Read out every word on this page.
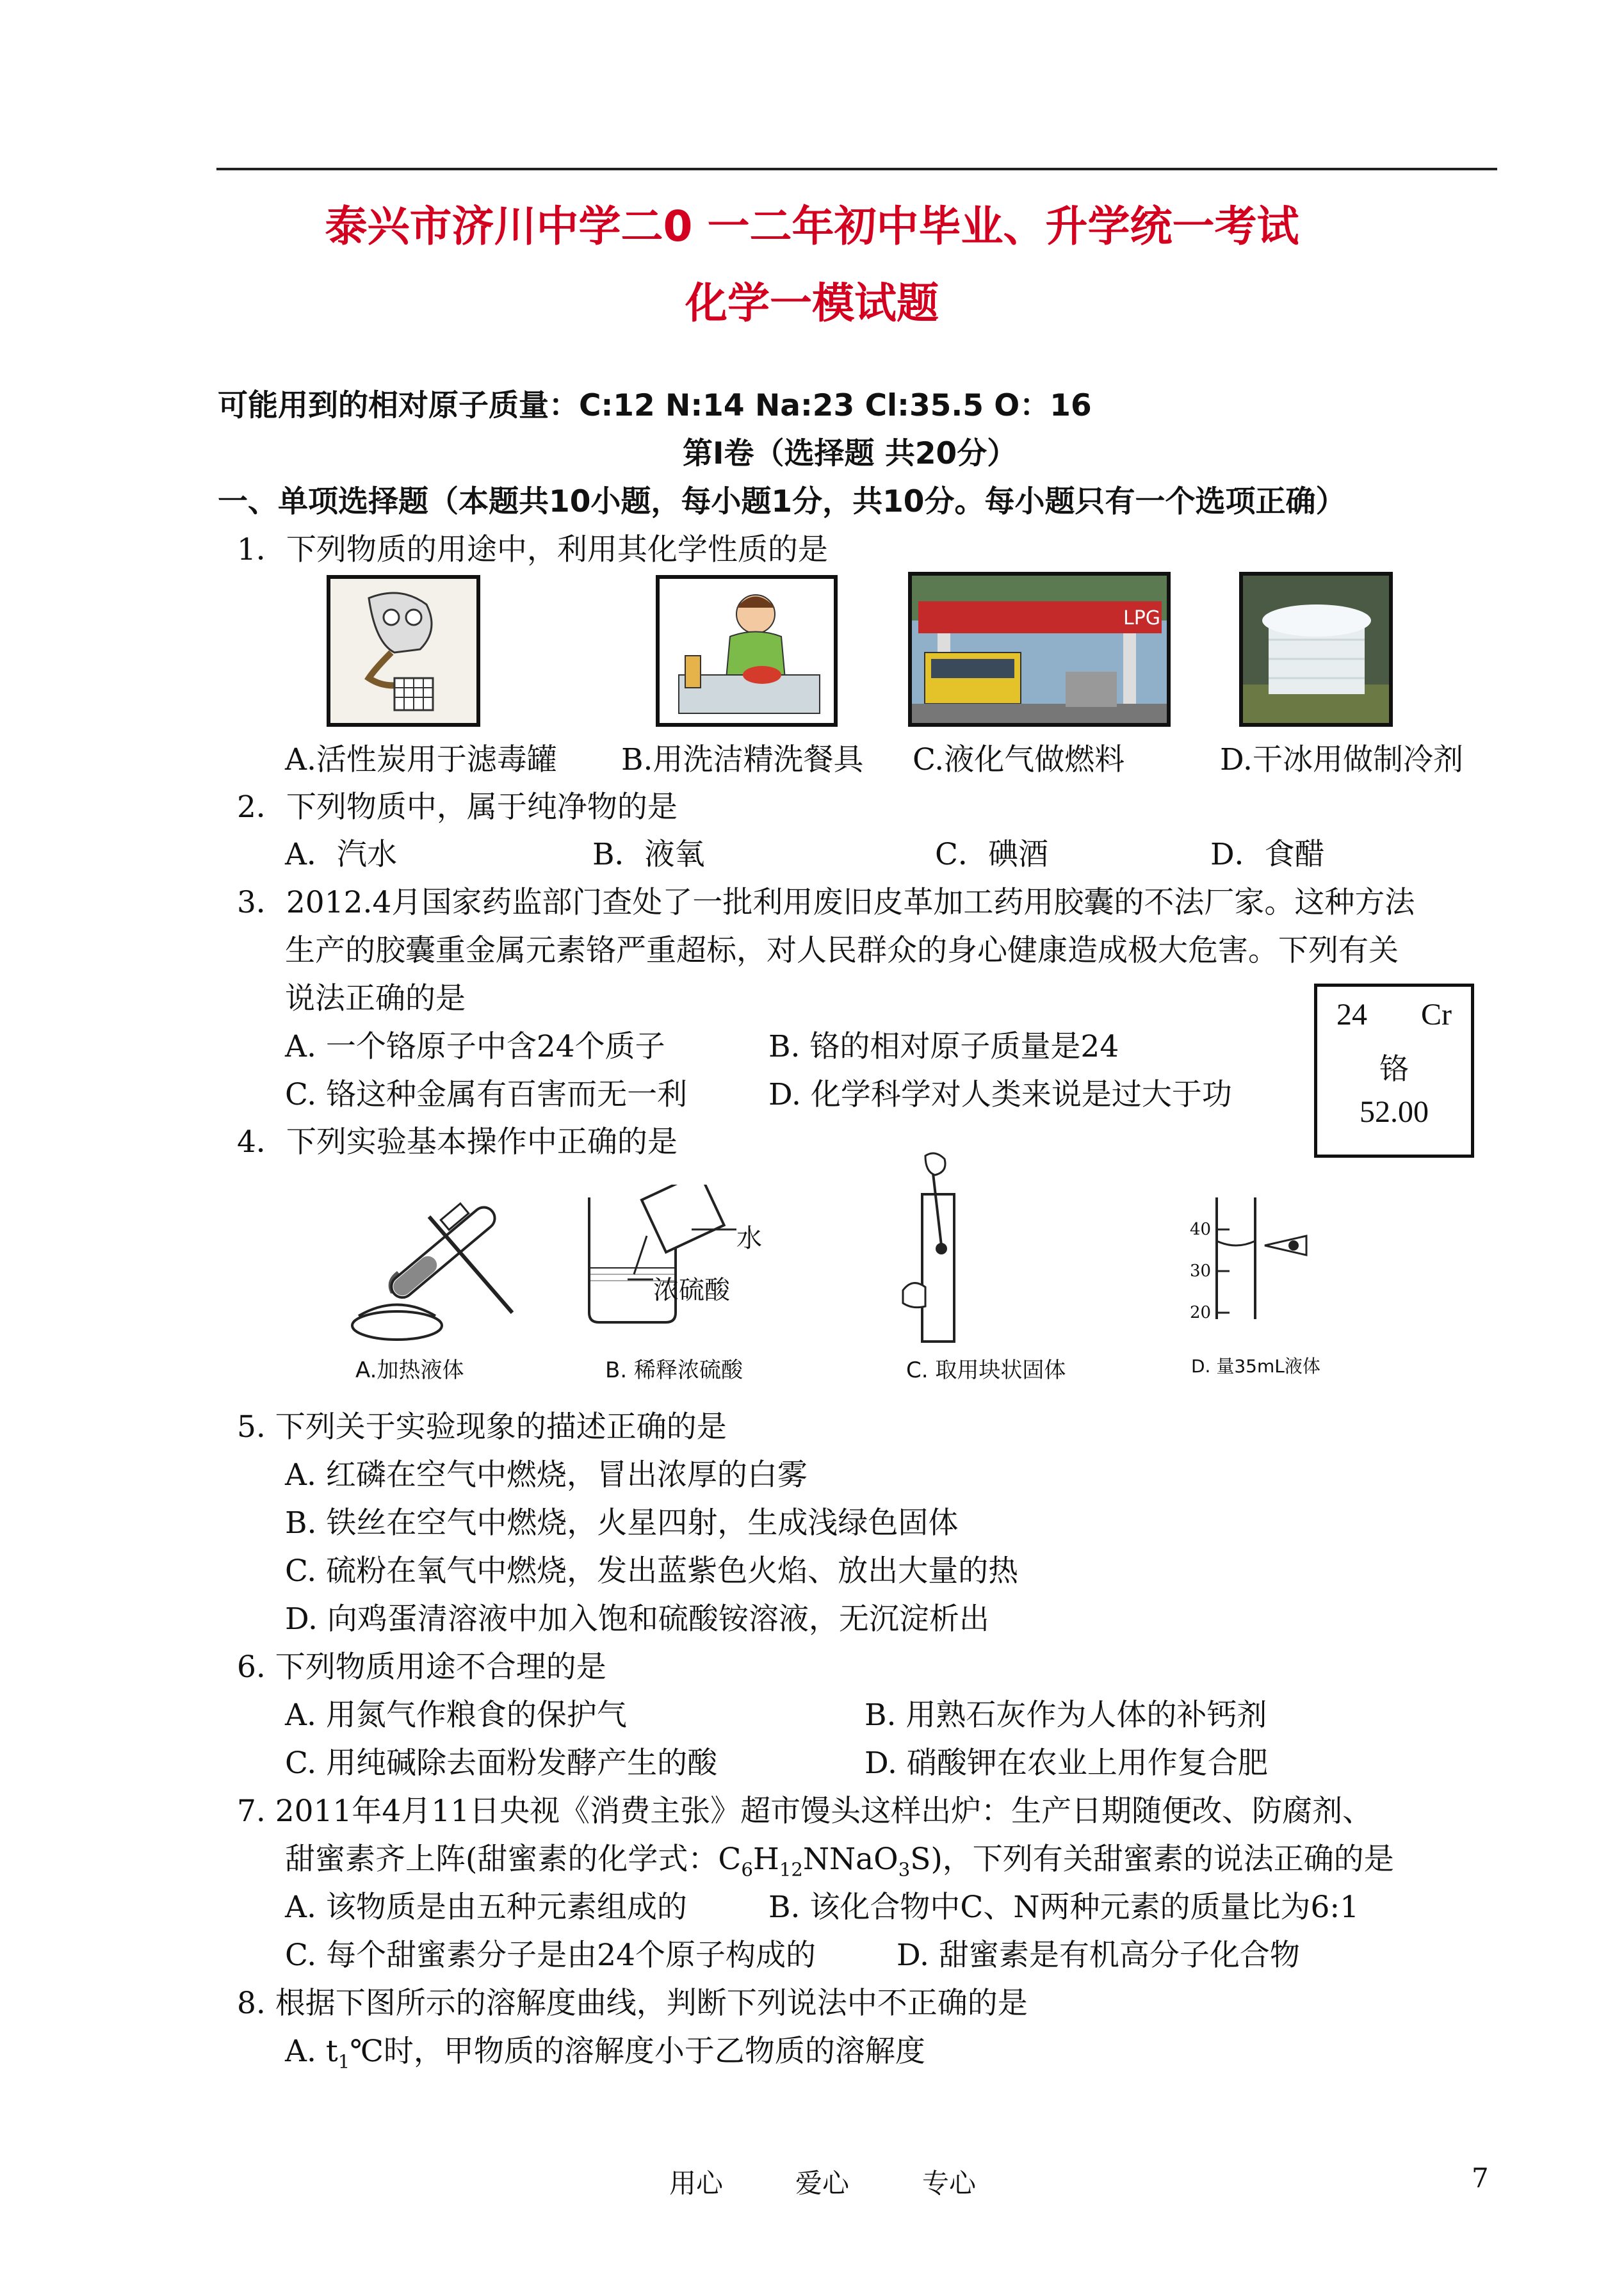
泰兴市济川中学二0 一二年初中毕业、升学统一考试
化学一模试题
可能用到的相对原子质量：C:12 N:14 Na:23 Cl:35.5 O：16
第Ⅰ卷（选择题 共20分）
一、单项选择题（本题共10小题，每小题1分，共10分。每小题只有一个选项正确）
1．下列物质的用途中，利用其化学性质的是
LPG
A.活性炭用于滤毒罐 B.用洗洁精洗餐具 C.液化气做燃料	D.干冰用做制冷剂
2．下列物质中，属于纯净物的是
A．汽水	B．液氧	C．碘酒	D．食醋
3．2012.4月国家药监部门查处了一批利用废旧皮革加工药用胶囊的不法厂家。这种方法
生产的胶囊重金属元素铬严重超标，对人民群众的身心健康造成极大危害。下列有关
说法正确的是
A. 一个铬原子中含24个质子	B. 铬的相对原子质量是24
C. 铬这种金属有百害而无一利	D. 化学科学对人类来说是过大于功
24 Cr
铬
52.00
4．下列实验基本操作中正确的是
A.加热液体
水
浓硫酸
B. 稀释浓硫酸	C. 取用块状固体
40
30
20
D. 量35mL液体
5. 下列关于实验现象的描述正确的是
A. 红磷在空气中燃烧，冒出浓厚的白雾
B. 铁丝在空气中燃烧，火星四射，生成浅绿色固体
C. 硫粉在氧气中燃烧，发出蓝紫色火焰、放出大量的热
D. 向鸡蛋清溶液中加入饱和硫酸铵溶液，无沉淀析出
6. 下列物质用途不合理的是
A. 用氮气作粮食的保护气	B. 用熟石灰作为人体的补钙剂
C. 用纯碱除去面粉发酵产生的酸	D. 硝酸钾在农业上用作复合肥
7. 2011年4月11日央视《消费主张》超市馒头这样出炉：生产日期随便改、防腐剂、
甜蜜素齐上阵(甜蜜素的化学式：$C_6H_{12}NNaO_3S$)，下列有关甜蜜素的说法正确的是
A. 该物质是由五种元素组成的	B. 该化合物中C、N两种元素的质量比为6:1
C. 每个甜蜜素分子是由24个原子构成的	D. 甜蜜素是有机高分子化合物
8. 根据下图所示的溶解度曲线，判断下列说法中不正确的是
A. $t_1℃$时，甲物质的溶解度小于乙物质的溶解度
用心	爱心	专心	7
